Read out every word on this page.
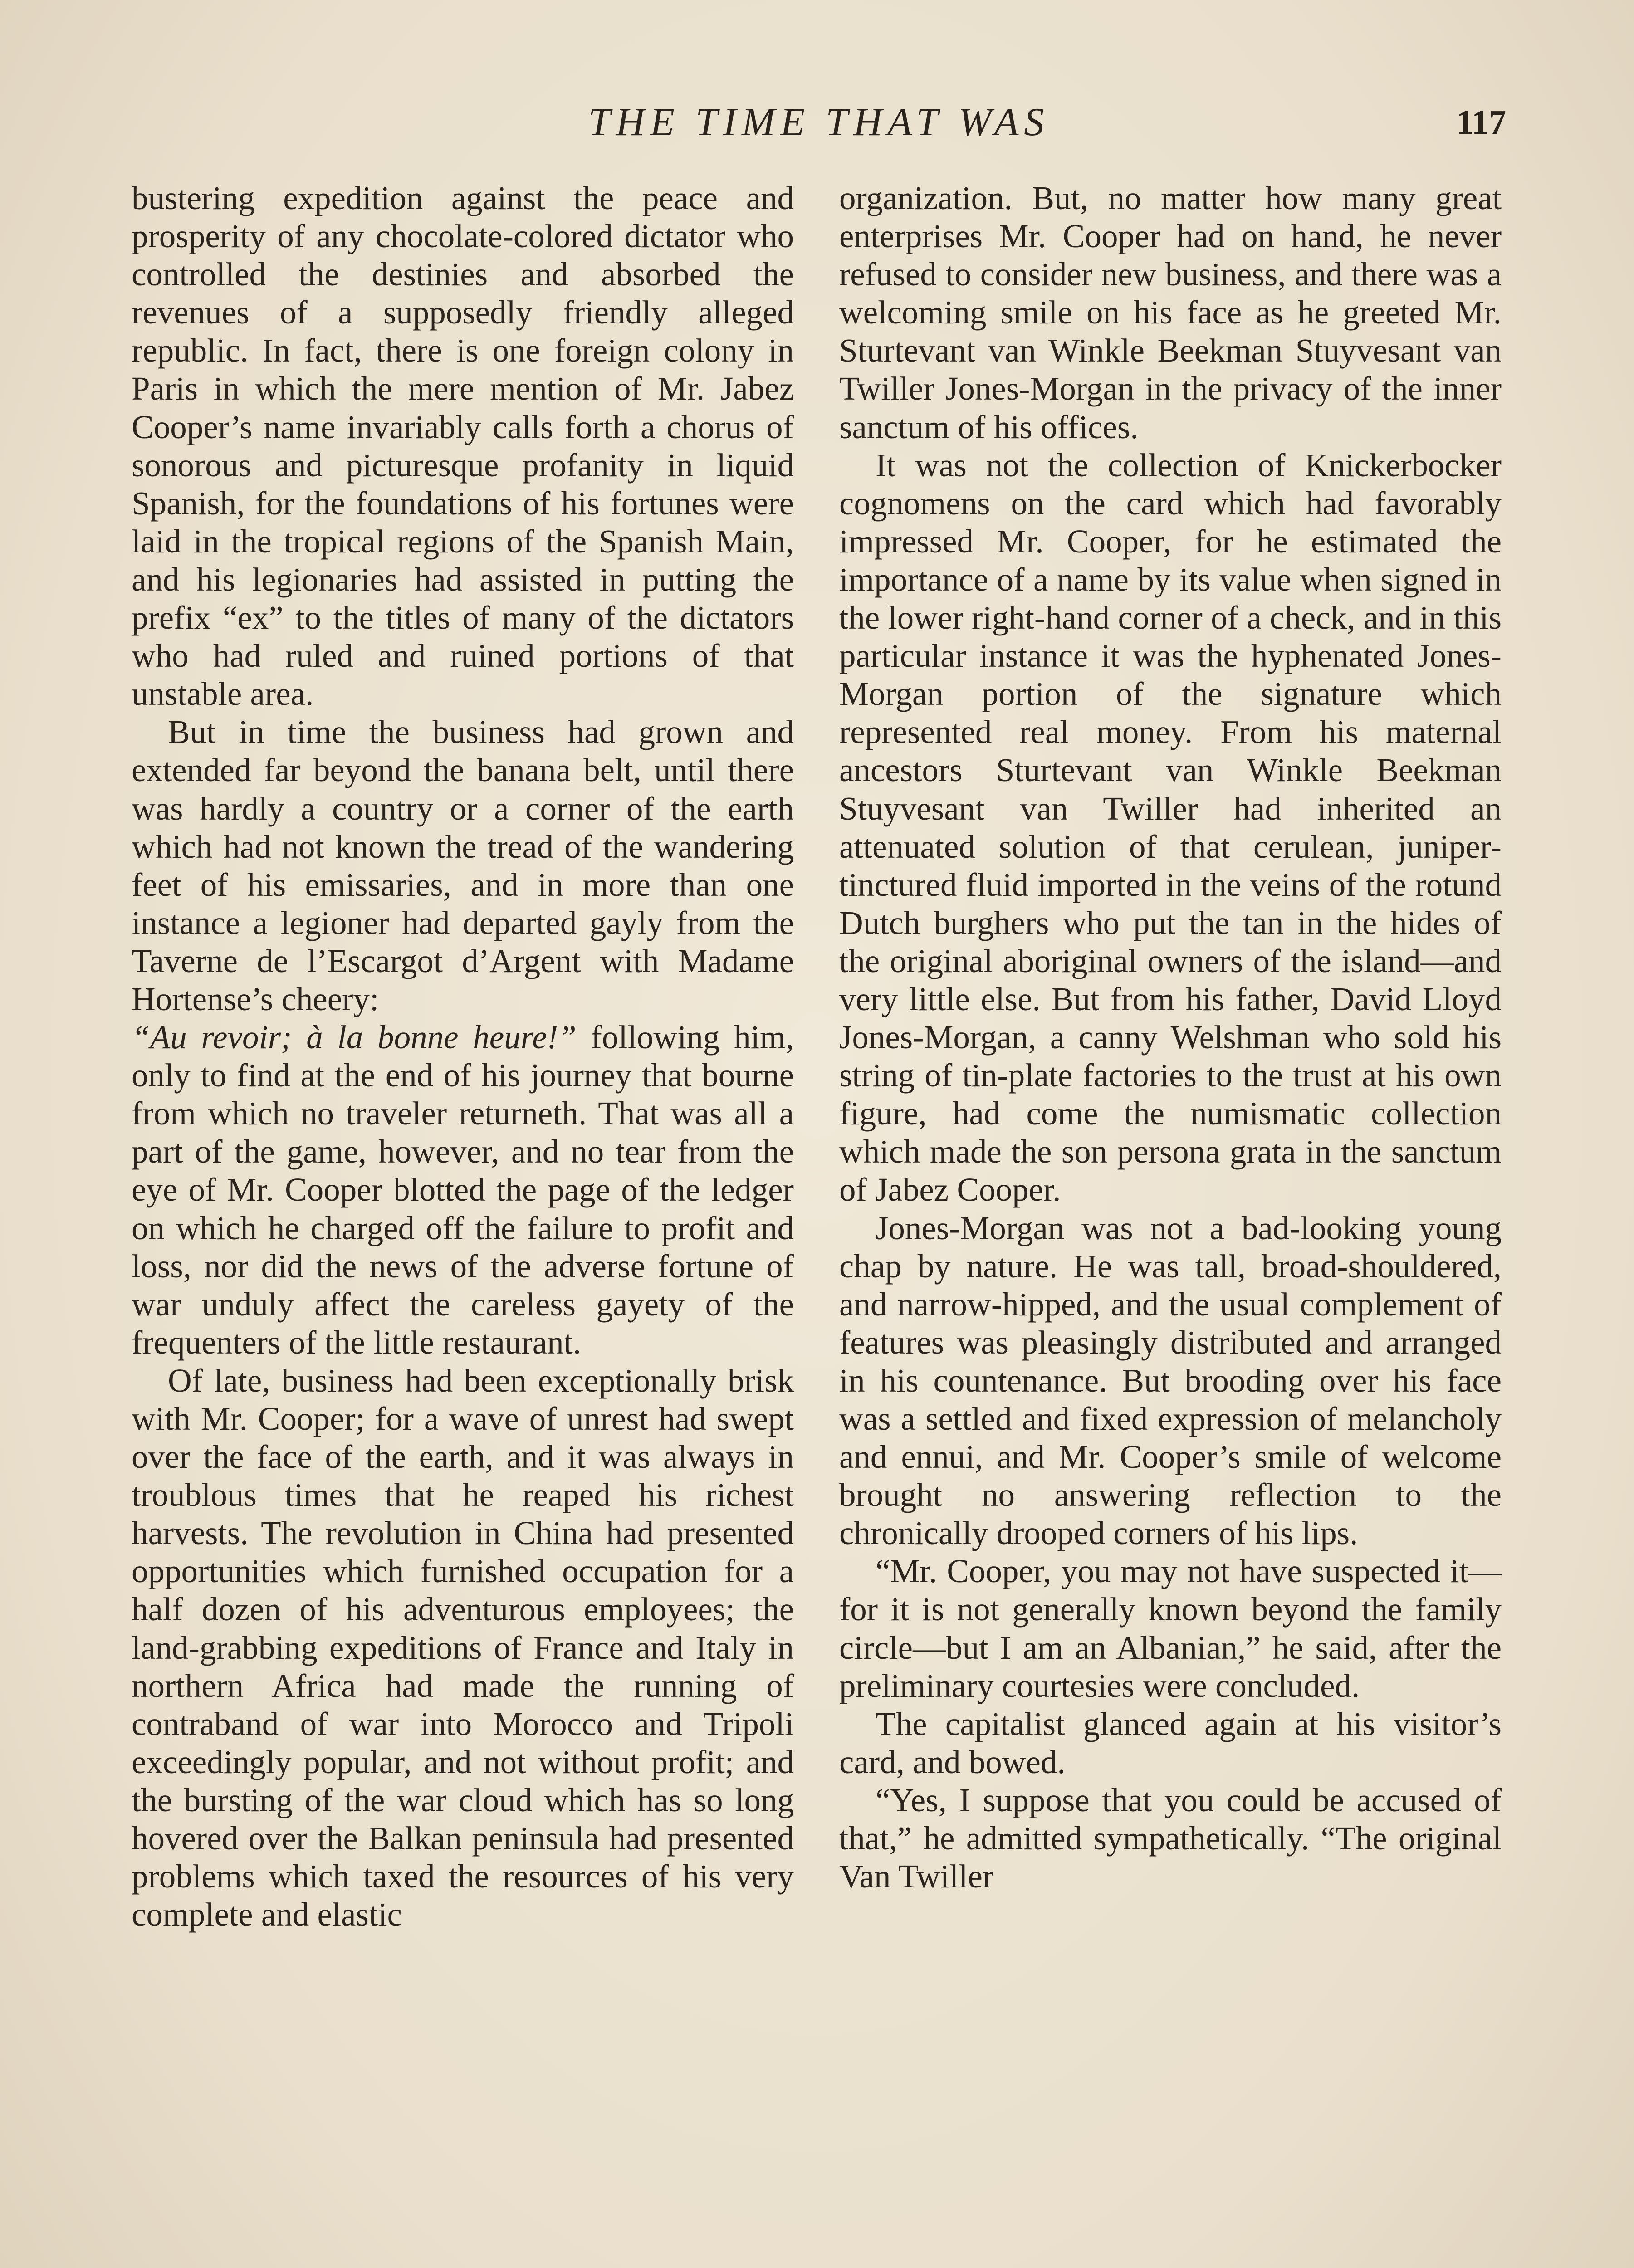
THE TIME THAT WAS	117

bustering expedition against the peace and prosperity of any chocolate-colored dictator who controlled the destinies and absorbed the revenues of a supposedly friendly alleged republic. In fact, there is one foreign colony in Paris in which the mere mention of Mr. Jabez Cooper’s name invariably calls forth a chorus of sonorous and picturesque profanity in liquid Spanish, for the foundations of his fortunes were laid in the tropical regions of the Spanish Main, and his legionaries had assisted in putting the prefix “ex” to the titles of many of the dictators who had ruled and ruined portions of that unstable area.

But in time the business had grown and extended far beyond the banana belt, until there was hardly a country or a corner of the earth which had not known the tread of the wandering feet of his emissaries, and in more than one instance a legioner had departed gayly from the Taverne de l’Escargot d’Argent with Madame Hortense’s cheery:

“Au revoir; à la bonne heure!” following him, only to find at the end of his journey that bourne from which no traveler returneth. That was all a part of the game, however, and no tear from the eye of Mr. Cooper blotted the page of the ledger on which he charged off the failure to profit and loss, nor did the news of the adverse fortune of war unduly affect the careless gayety of the frequenters of the little restaurant.

Of late, business had been exceptionally brisk with Mr. Cooper; for a wave of unrest had swept over the face of the earth, and it was always in troublous times that he reaped his richest harvests. The revolution in China had presented opportunities which furnished occupation for a half dozen of his adventurous employees; the land-grabbing expeditions of France and Italy in northern Africa had made the running of contraband of war into Morocco and Tripoli exceedingly popular, and not without profit; and the bursting of the war cloud which has so long hovered over the Balkan peninsula had presented problems which taxed the resources of his very complete and elastic

organization. But, no matter how many great enterprises Mr. Cooper had on hand, he never refused to consider new business, and there was a welcoming smile on his face as he greeted Mr. Sturtevant van Winkle Beekman Stuyvesant van Twiller Jones-Morgan in the privacy of the inner sanctum of his offices.

It was not the collection of Knickerbocker cognomens on the card which had favorably impressed Mr. Cooper, for he estimated the importance of a name by its value when signed in the lower right-hand corner of a check, and in this particular instance it was the hyphenated Jones-Morgan portion of the signature which represented real money. From his maternal ancestors Sturtevant van Winkle Beekman Stuyvesant van Twiller had inherited an attenuated solution of that cerulean, juniper-tinctured fluid imported in the veins of the rotund Dutch burghers who put the tan in the hides of the original aboriginal owners of the island—and very little else. But from his father, David Lloyd Jones-Morgan, a canny Welshman who sold his string of tin-plate factories to the trust at his own figure, had come the numismatic collection which made the son persona grata in the sanctum of Jabez Cooper.

Jones-Morgan was not a bad-looking young chap by nature. He was tall, broad-shouldered, and narrow-hipped, and the usual complement of features was pleasingly distributed and arranged in his countenance. But brooding over his face was a settled and fixed expression of melancholy and ennui, and Mr. Cooper’s smile of welcome brought no answering reflection to the chronically drooped corners of his lips.

“Mr. Cooper, you may not have suspected it—for it is not generally known beyond the family circle—but I am an Albanian,” he said, after the preliminary courtesies were concluded.

The capitalist glanced again at his visitor’s card, and bowed.

“Yes, I suppose that you could be accused of that,” he admitted sympathetically. “The original Van Twiller
